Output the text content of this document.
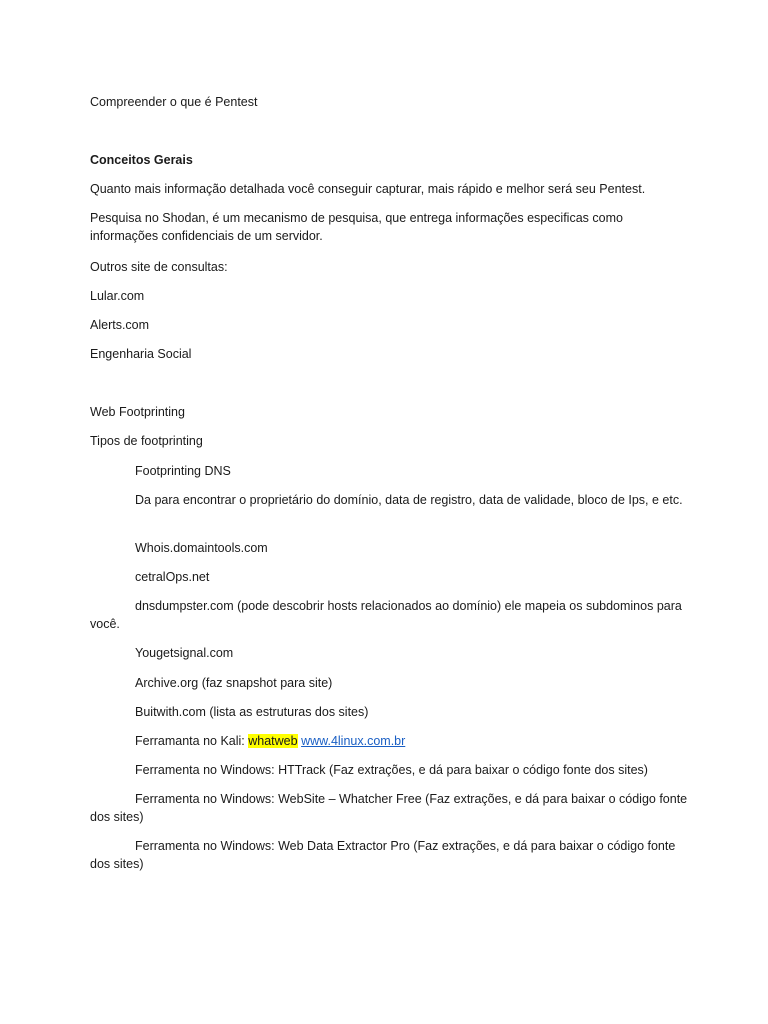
Compreender o que é Pentest
Conceitos Gerais
Quanto mais informação detalhada você conseguir capturar, mais rápido e melhor será seu Pentest.
Pesquisa no Shodan, é um mecanismo de pesquisa, que entrega informações especificas como informações confidenciais de um servidor.
Outros site de consultas:
Lular.com
Alerts.com
Engenharia Social
Web Footprinting
Tipos de footprinting
Footprinting DNS
Da para encontrar o proprietário do domínio, data de registro, data de validade, bloco de Ips, e etc.
Whois.domaintools.com
cetralOps.net
dnsdumpster.com (pode descobrir hosts relacionados ao domínio) ele mapeia os subdominos para você.
Yougetsignal.com
Archive.org (faz snapshot para site)
Buitwith.com (lista as estruturas dos sites)
Ferramanta no Kali: whatweb www.4linux.com.br
Ferramenta no Windows: HTTrack (Faz extrações, e dá para baixar o código fonte dos sites)
Ferramenta no Windows: WebSite – Whatcher Free (Faz extrações, e dá para baixar o código fonte dos sites)
Ferramenta no Windows: Web Data Extractor Pro (Faz extrações, e dá para baixar o código fonte dos sites)
